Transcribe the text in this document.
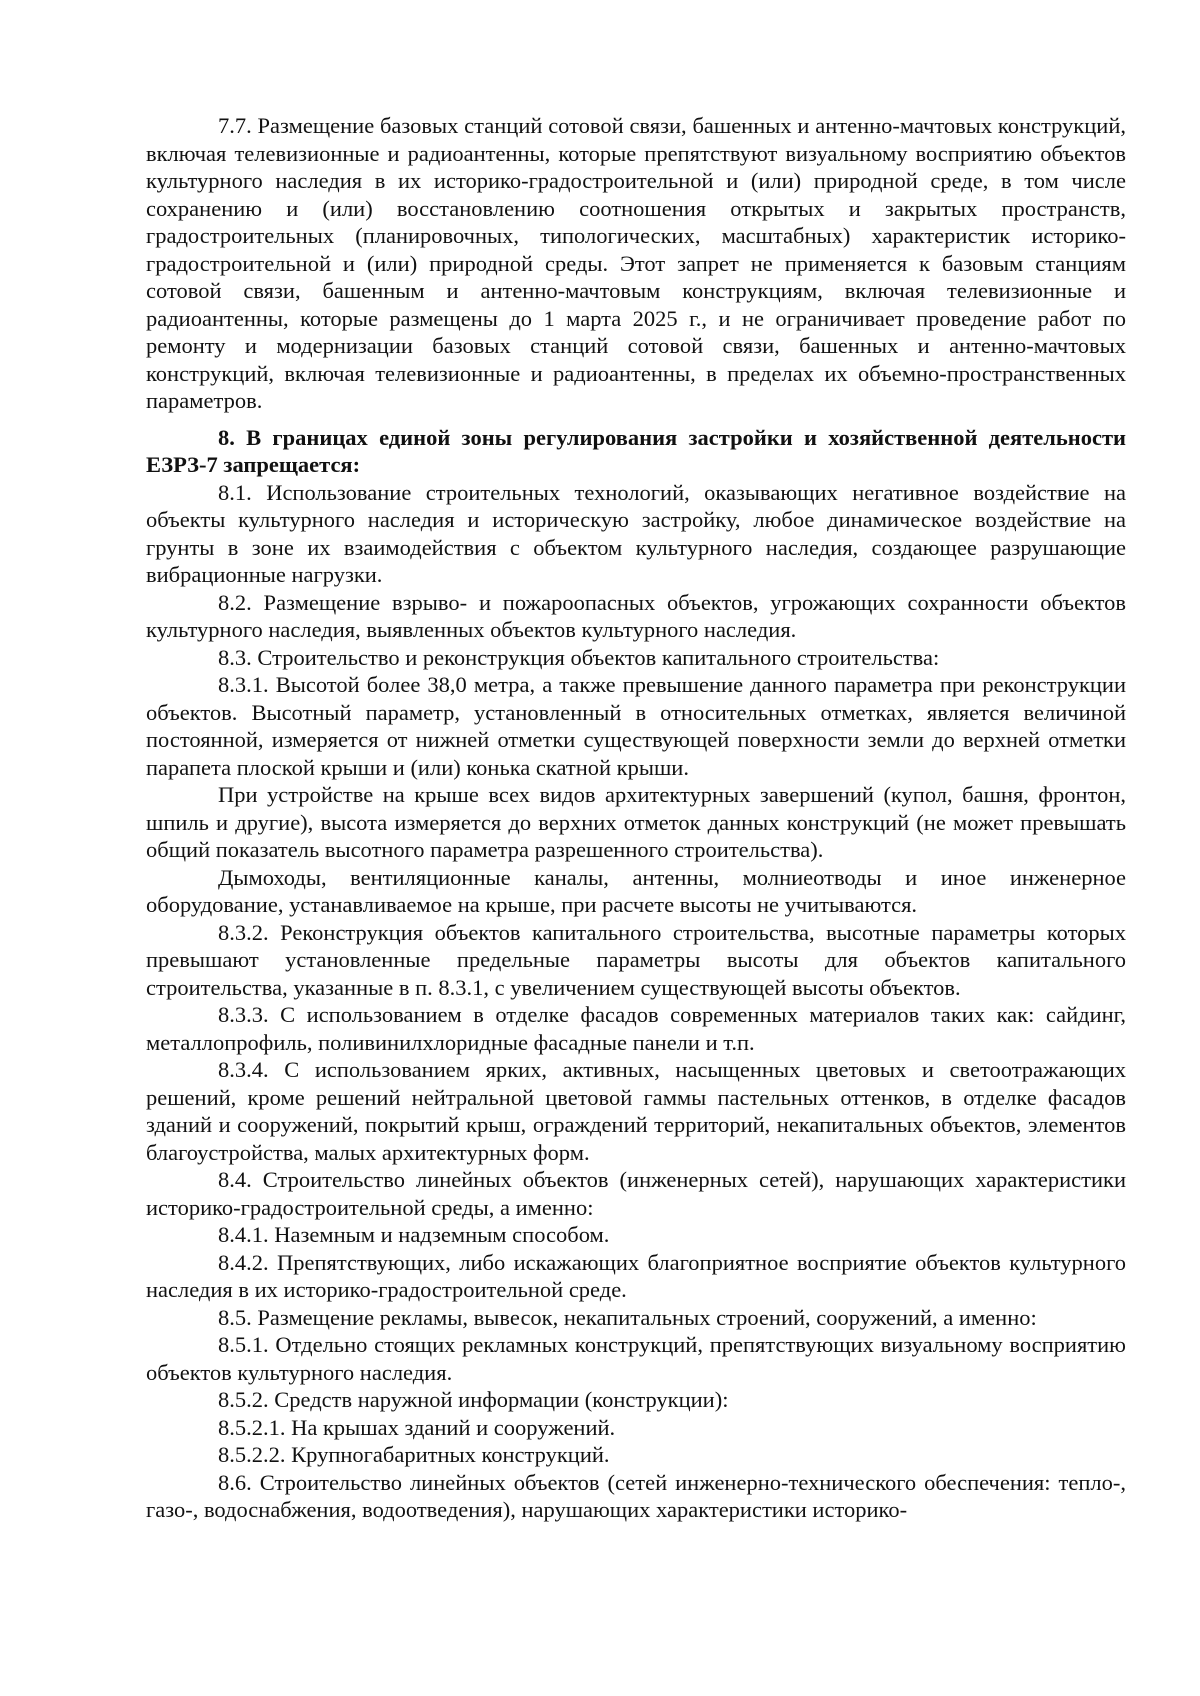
7.7. Размещение базовых станций сотовой связи, башенных и антенно-мачтовых конструкций, включая телевизионные и радиоантенны, которые препятствуют визуальному восприятию объектов культурного наследия в их историко-градостроительной и (или) природной среде, в том числе сохранению и (или) восстановлению соотношения открытых и закрытых пространств, градостроительных (планировочных, типологических, масштабных) характеристик историко-градостроительной и (или) природной среды. Этот запрет не применяется к базовым станциям сотовой связи, башенным и антенно-мачтовым конструкциям, включая телевизионные и радиоантенны, которые размещены до 1 марта 2025 г., и не ограничивает проведение работ по ремонту и модернизации базовых станций сотовой связи, башенных и антенно-мачтовых конструкций, включая телевизионные и радиоантенны, в пределах их объемно-пространственных параметров.

8. В границах единой зоны регулирования застройки и хозяйственной деятельности ЕЗРЗ-7 запрещается:

8.1. Использование строительных технологий, оказывающих негативное воздействие на объекты культурного наследия и историческую застройку, любое динамическое воздействие на грунты в зоне их взаимодействия с объектом культурного наследия, создающее разрушающие вибрационные нагрузки.

8.2. Размещение взрыво- и пожароопасных объектов, угрожающих сохранности объектов культурного наследия, выявленных объектов культурного наследия.

8.3. Строительство и реконструкция объектов капитального строительства:

8.3.1. Высотой более 38,0 метра, а также превышение данного параметра при реконструкции объектов. Высотный параметр, установленный в относительных отметках, является величиной постоянной, измеряется от нижней отметки существующей поверхности земли до верхней отметки парапета плоской крыши и (или) конька скатной крыши.

При устройстве на крыше всех видов архитектурных завершений (купол, башня, фронтон, шпиль и другие), высота измеряется до верхних отметок данных конструкций (не может превышать общий показатель высотного параметра разрешенного строительства).

Дымоходы, вентиляционные каналы, антенны, молниеотводы и иное инженерное оборудование, устанавливаемое на крыше, при расчете высоты не учитываются.

8.3.2. Реконструкция объектов капитального строительства, высотные параметры которых превышают установленные предельные параметры высоты для объектов капитального строительства, указанные в п. 8.3.1, с увеличением существующей высоты объектов.

8.3.3. С использованием в отделке фасадов современных материалов таких как: сайдинг, металлопрофиль, поливинилхлоридные фасадные панели и т.п.

8.3.4. С использованием ярких, активных, насыщенных цветовых и светоотражающих решений, кроме решений нейтральной цветовой гаммы пастельных оттенков, в отделке фасадов зданий и сооружений, покрытий крыш, ограждений территорий, некапитальных объектов, элементов благоустройства, малых архитектурных форм.

8.4. Строительство линейных объектов (инженерных сетей), нарушающих характеристики историко-градостроительной среды, а именно:

8.4.1. Наземным и надземным способом.

8.4.2. Препятствующих, либо искажающих благоприятное восприятие объектов культурного наследия в их историко-градостроительной среде.

8.5. Размещение рекламы, вывесок, некапитальных строений, сооружений, а именно:

8.5.1. Отдельно стоящих рекламных конструкций, препятствующих визуальному восприятию объектов культурного наследия.

8.5.2. Средств наружной информации (конструкции):

8.5.2.1. На крышах зданий и сооружений.

8.5.2.2. Крупногабаритных конструкций.

8.6. Строительство линейных объектов (сетей инженерно-технического обеспечения: тепло-, газо-, водоснабжения, водоотведения), нарушающих характеристики историко-
